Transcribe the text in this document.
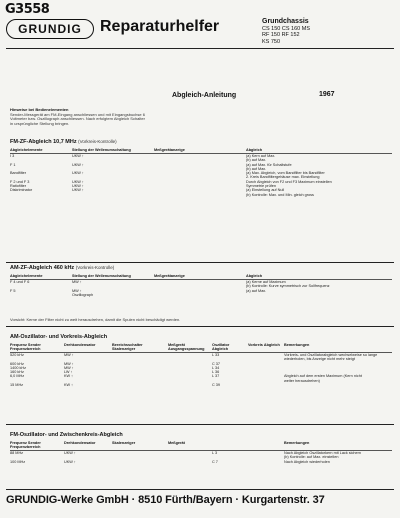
G3558
GRUNDIG	Reparaturhelfer	Grundchassis
CS 150 CS 160 MS
RF 150 RF 152
KS 750
Abgleich-Anleitung	1967
Hinweise bei Bedienelementen
Sender-Messgerät am FM-Eingang anschliessen und mit Eingangsbuchse 6
Voltmeter bzw. Oszillograph anschliessen. Nach erfolgtem Abgleich Schalter
in ursprüngliche Stellung bringen.
FM-ZF-Abgleich 10,7 MHz (Vorkreis-Kontrolle)
Abgleichelemente	Stellung der Wellenumschaltung	Meßgerätanzeige	Abgleich
I 3	UKW ↑		(a) Kern auf Max.
			(b) auf Max.
F 1	UKW ↑		(a) auf Max. für Schaltstufe
			(b) auf Max.
Bandfilter	UKW ↑		(a) Max. Abgleich, vom Bandfilter bis Bandfilter
			2. Kreis Bandfiltergehäuse max. Einstellung
F 2 und F 3	UKW ↑		Durch Abgleich von F2 und F3 Maximum einstellen
Ratiofilter	UKW ↑		Symmetrie prüfen
Diskriminator	UKW ↑		(a) Einstellung auf Null
			(b) Kontrolle: Max. und Min. gleich gross
AM-ZF-Abgleich 460 kHz (Vorkreis-Kontrolle)
Abgleichelemente	Stellung der Wellenumschaltung	Meßgerätanzeige	Abgleich
F 4 und F 6	MW ↑		(a) Kerne auf Maximum
			(b) Kontrolle: Kurve symmetrisch zur Sollfrequenz
F 5	MW ↑		(a) auf Max.
	Oszillograph		
Vorsicht: Kerne der Filter nicht zu weit herausdrehen, damit die Spulen nicht beschädigt werden.
AM-Oszillator- und Vorkreis-Abgleich
Frequenz Sender Frequenzbereich	Drehkondensator	Bereichsschalter Skalenzeiger	Meßgerät Ausgangsspannung	Oszillator Abgleich	Vorkreis Abgleich	Bemerkungen
520 kHz	MW ↑			L 33		Vorkreis- und Oszillatorabgleich wechselweise so lange
						wiederholen, bis Anzeige nicht mehr steigt
600 kHz	MW ↑			C 37		
1400 kHz	MW ↑			L 34		
160 kHz	LW ↑			L 36		
6,0 MHz	KW ↑			L 37		Abgleich auf dem ersten Maximum (Kern nicht
						weiter herausdrehen)
15 MHz	KW ↑			C 39		
FM-Oszillator- und Zwischenkreis-Abgleich
Frequenz Sender Frequenzbereich	Drehkondensator	Skalenzeiger	Meßgerät			Bemerkungen
88 MHz	UKW ↑			L 3		Nach Abgleich Oszillatorkern mit Lack sichern
						(b) Kontrolle: auf Max. einstellen
100 MHz	UKW ↑			C 7		Nach Abgleich wiederholen
GRUNDIG-Werke GmbH · 8510 Fürth/Bayern · Kurgartenstr. 37
